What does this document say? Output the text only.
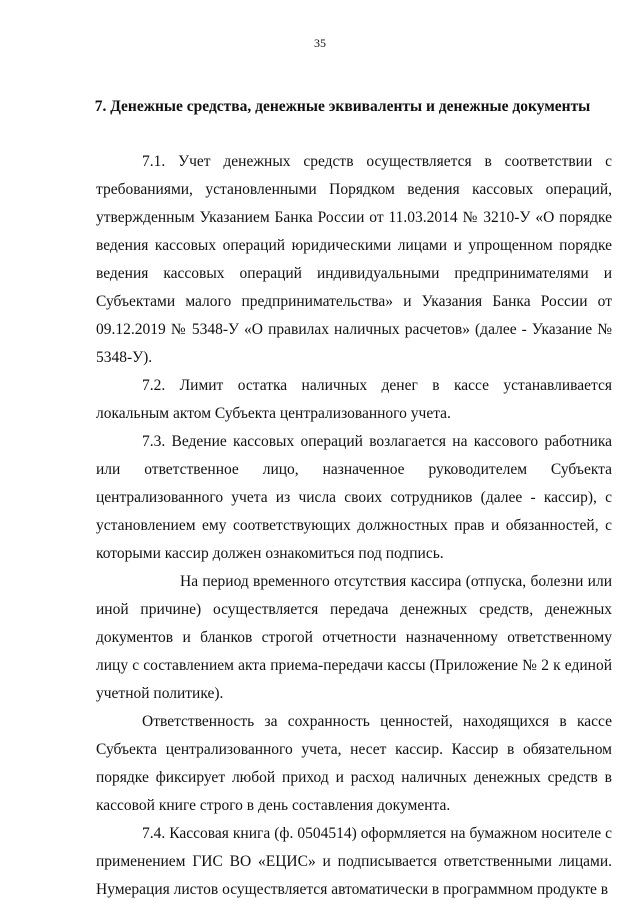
35
7. Денежные средства, денежные эквиваленты и денежные документы

7.1. Учет денежных средств осуществляется в соответствии с требованиями, установленными Порядком ведения кассовых операций, утвержденным Указанием Банка России от 11.03.2014 № 3210-У «О порядке ведения кассовых операций юридическими лицами и упрощенном порядке ведения кассовых операций индивидуальными предпринимателями и Субъектами малого предпринимательства» и Указания Банка России от 09.12.2019 № 5348-У «О правилах наличных расчетов» (далее - Указание № 5348-У).

7.2. Лимит остатка наличных денег в кассе устанавливается локальным актом Субъекта централизованного учета.

7.3. Ведение кассовых операций возлагается на кассового работника или ответственное лицо, назначенное руководителем Субъекта централизованного учета из числа своих сотрудников (далее - кассир), с установлением ему соответствующих должностных прав и обязанностей, с которыми кассир должен ознакомиться под подпись.

На период временного отсутствия кассира (отпуска, болезни или иной причине) осуществляется передача денежных средств, денежных документов и бланков строгой отчетности назначенному ответственному лицу с составлением акта приема-передачи кассы (Приложение № 2 к единой учетной политике).

Ответственность за сохранность ценностей, находящихся в кассе Субъекта централизованного учета, несет кассир. Кассир в обязательном порядке фиксирует любой приход и расход наличных денежных средств в кассовой книге строго в день составления документа.

7.4. Кассовая книга (ф. 0504514) оформляется на бумажном носителе с применением ГИС ВО «ЕЦИС» и подписывается ответственными лицами. Нумерация листов осуществляется автоматически в программном продукте в
